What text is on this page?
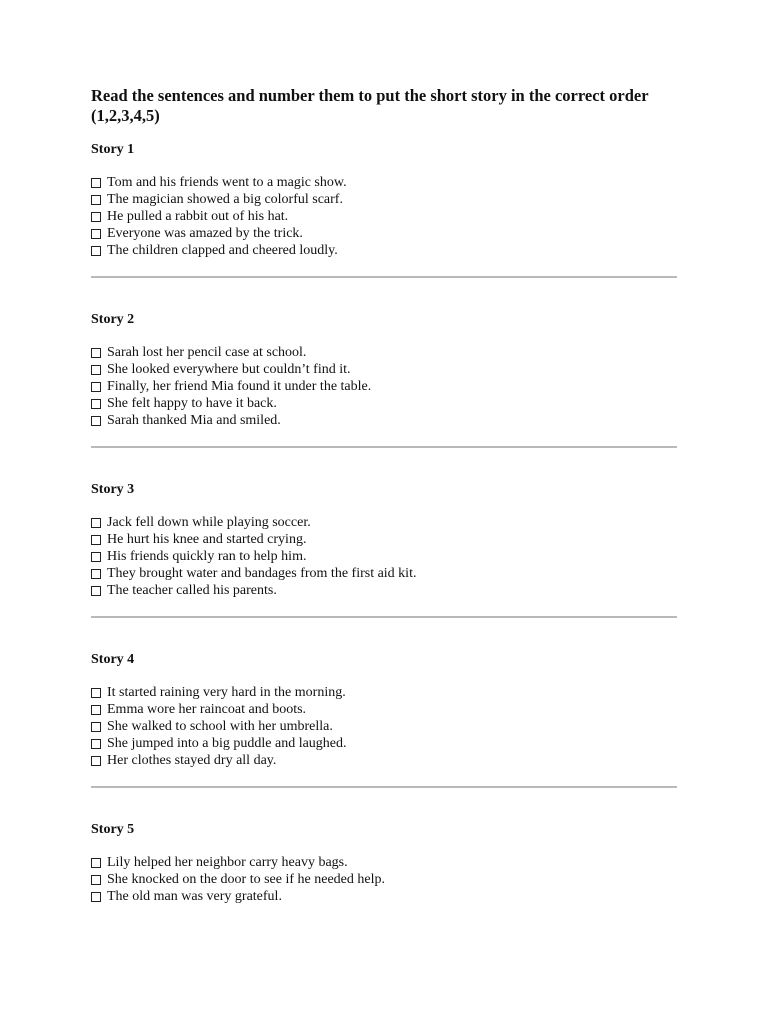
Read the sentences and number them to put the short story in the correct order (1,2,3,4,5)
Story 1
Tom and his friends went to a magic show.
The magician showed a big colorful scarf.
He pulled a rabbit out of his hat.
Everyone was amazed by the trick.
The children clapped and cheered loudly.
Story 2
Sarah lost her pencil case at school.
She looked everywhere but couldn’t find it.
Finally, her friend Mia found it under the table.
She felt happy to have it back.
Sarah thanked Mia and smiled.
Story 3
Jack fell down while playing soccer.
He hurt his knee and started crying.
His friends quickly ran to help him.
They brought water and bandages from the first aid kit.
The teacher called his parents.
Story 4
It started raining very hard in the morning.
Emma wore her raincoat and boots.
She walked to school with her umbrella.
She jumped into a big puddle and laughed.
Her clothes stayed dry all day.
Story 5
Lily helped her neighbor carry heavy bags.
She knocked on the door to see if he needed help.
The old man was very grateful.
